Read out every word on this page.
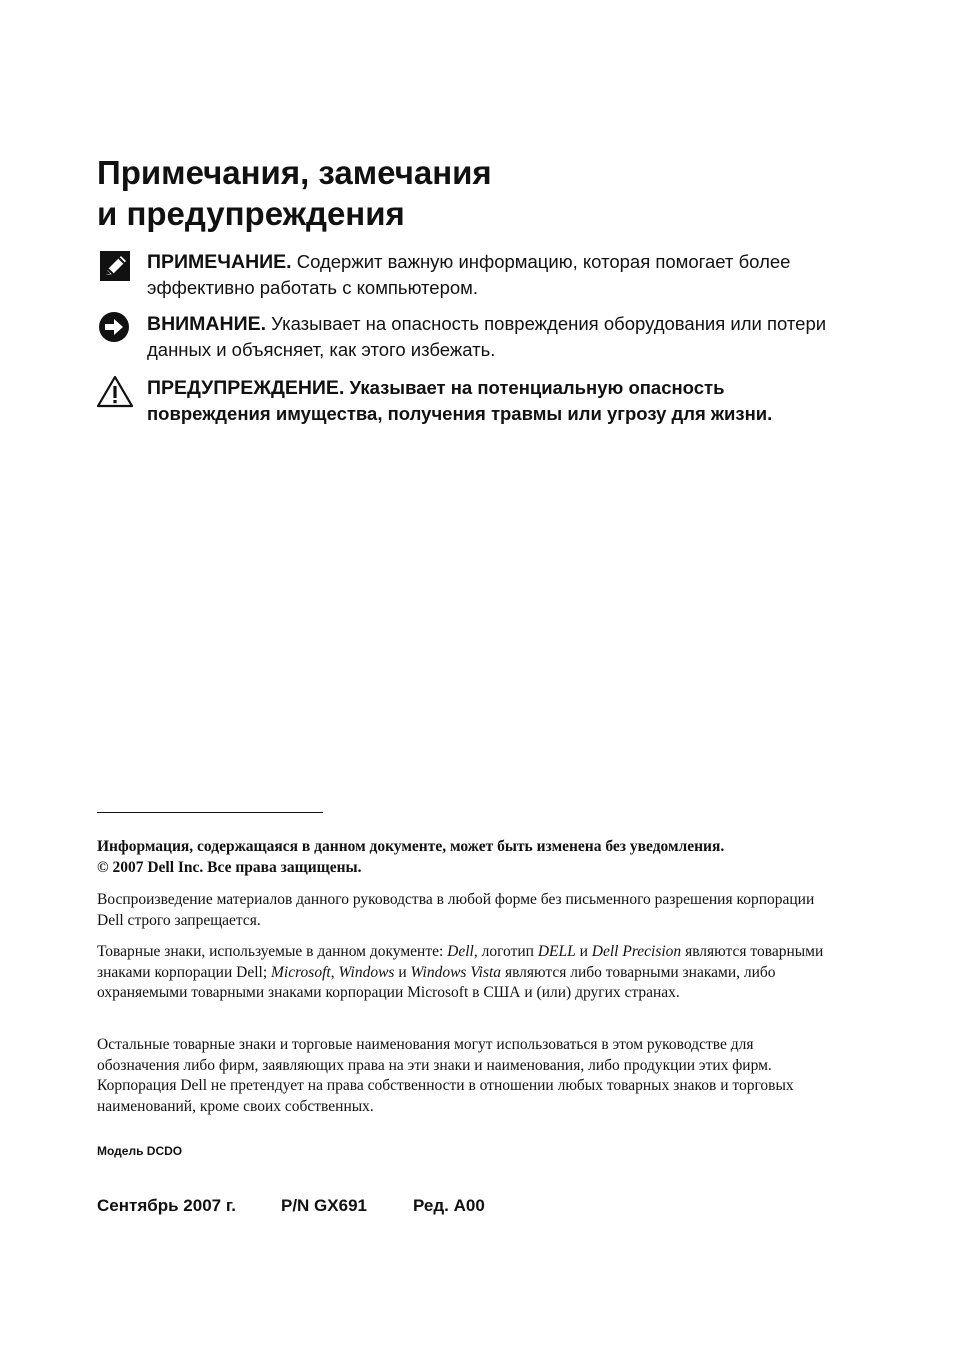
Примечания, замечания
и предупреждения
ПРИМЕЧАНИЕ. Содержит важную информацию, которая помогает более эффективно работать с компьютером.
ВНИМАНИЕ. Указывает на опасность повреждения оборудования или потери данных и объясняет, как этого избежать.
ПРЕДУПРЕЖДЕНИЕ. Указывает на потенциальную опасность повреждения имущества, получения травмы или угрозу для жизни.

Информация, содержащаяся в данном документе, может быть изменена без уведомления.

© 2007 Dell Inc. Все права защищены.

Воспроизведение материалов данного руководства в любой форме без письменного разрешения корпорации Dell строго запрещается.

Товарные знаки, используемые в данном документе: Dell, логотип DELL и Dell Precision являются товарными знаками корпорации Dell; Microsoft, Windows и Windows Vista являются либо товарными знаками, либо охраняемыми товарными знаками корпорации Microsoft в США и (или) других странах.

Остальные товарные знаки и торговые наименования могут использоваться в этом руководстве для обозначения либо фирм, заявляющих права на эти знаки и наименования, либо продукции этих фирм. Корпорация Dell не претендует на права собственности в отношении любых товарных знаков и торговых наименований, кроме своих собственных.

Модель DCDO
Сентябрь 2007 г.	P/N GX691	Ред. A00
